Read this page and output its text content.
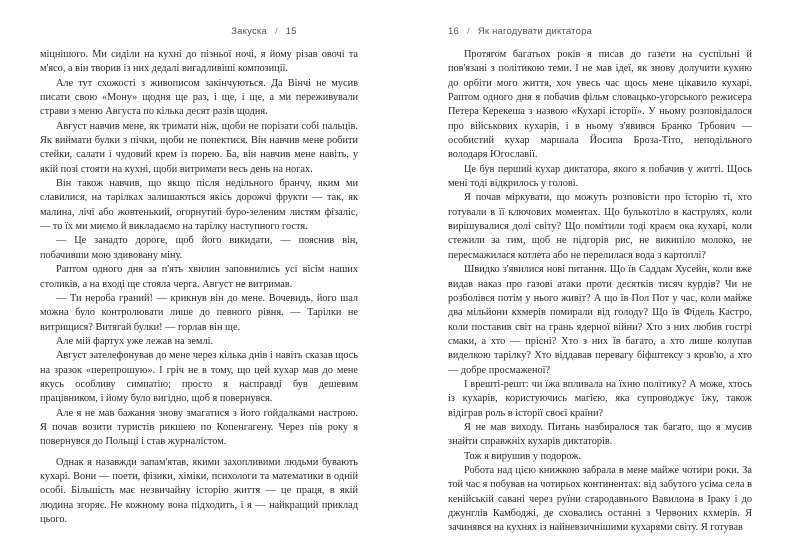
Закуска / 15

міцнішого. Ми сиділи на кухні до пізньої ночі, я йому різав овочі та м'ясо, а він творив із них дедалі вигадливіші композиції.

Але тут схожості з живописом закінчуються. Да Вінчі не мусив писати свою «Мону» щодня ще раз, і ще, і ще, а ми переживували страви з меню Августа по кілька десят разів щодня.

Август навчив мене, як тримати ніж, щоби не порізати собі пальців. Як виймати булки з пічки, щоби не попектися. Він навчив мене робити стейки, салати і чудовий крем із порею. Ба, він навчив мене навіть, у якій позі стояти на кухні, щоби витримати весь день на ногах.

Він також навчив, що якщо після недільного бранчу, яким ми славилися, на тарілках залишаються якісь дорожчі фрукти — так, як малина, лічі або жовтенький, огорнутий буро-зеленим листям фізаліс, — то їх ми миємо й викладаємо на тарілку наступного гостя.

— Це занадто дороге, щоб його викидати, — пояснив він, побачивши мою здивовану міну.

Раптом одного дня за п'ять хвилин заповнились усі вісім наших столиків, а на вході ще стояла черга. Август не витримав.

— Ти нероба граний! — крикнув він до мене. Вочевидь, його шал можна було контролювати лише до певного рівня. — Тарілки не витрищися? Витягай булки! — горлав він ще.

Але мій фартух уже лежав на землі.

Август зателефонував до мене через кілька днів і навіть сказав щось на зразок «перепрошую». І гріч не в тому, що цей кухар мав до мене якусь особливу симпатію; просто я насправді був дешевим працівником, і йому було вигідно, щоб я повернувся.

Але я не мав бажання знову змагатися з його гойдалками настрою. Я почав возити туристів рикшею по Копенгагену. Через пів року я повернувся до Польщі і став журналістом.

Однак я назавжди запам'ятав, якими захопливими людьми бувають кухарі. Вони — поети, фізики, хіміки, психологи та математики в одній особі. Більшість має незвичайну історію життя — це праця, в якій людина згоряє. Не кожному вона підходить, і я — найкращий приклад цього.

16 / Як нагодувати диктатора

Протягом багатьох років я писав до газети на суспільні й пов'язані з політикою теми. І не мав ідеї, як знову долучити кухню до орбіти мого життя, хоч увесь час щось мене цікавило кухарі. Раптом одного дня я побачив фільм словацько-угорського режисера Петера Керекеша з назвою «Кухарі історії». У ньому розповідалося про військових кухарів, і в ньому з'явився Бранко Трбович — особистий кухар маршала Йосипа Броза-Тіто, неподільного володаря Югославії.

Це був перший кухар диктатора, якого я побачив у житті. Щось мені тоді відкрилось у голові.

Я почав міркувати, що можуть розповісти про історію ті, хто готували в її ключових моментах. Що булькотіло в каструлях, коли вирішувалися долі світу? Що помітили тоді краєм ока кухарі, коли стежили за тим, щоб не підгорів рис, не википіло молоко, не пересмажилася котлета або не перелилася вода з картоплі?

Швидко з'явилися нові питання. Що їв Саддам Хусейн, коли вже видав наказ про газові атаки проти десятків тисяч курдів? Чи не розболівся потім у нього живіт? А що їв Пол Пот у час, коли майже два мільйони кхмерів помирали від голоду? Що їв Фідель Кастро, коли поставив світ на грань ядерної війни? Хто з них любив гострі смаки, а хто — прісні? Хто з них їв багато, а хто лише колупав виделкою тарілку? Хто віддавав перевагу біфштексу з кров'ю, а хто — добре просмаженої?

І врешті-решт: чи їжа впливала на їхню політику? А може, хтось із кухарів, користуючись магією, яка супроводжує їжу, також відіграв роль в історії своєї країни?

Я не мав виходу. Питань назбиралося так багато, що я мусив знайти справжніх кухарів диктаторів.

Тож я вирушив у подорож.

Робота над цією книжкою забрала в мене майже чотири роки. За той час я побував на чотирьох континентах: від забутого усіма села в кенійській савані через руїни стародавнього Вавилона в Іраку і до джунглів Камбоджі, де сховались останні з Червоних кхмерів. Я зачинявся на кухнях із найневзичнішими кухарями світу. Я готував
